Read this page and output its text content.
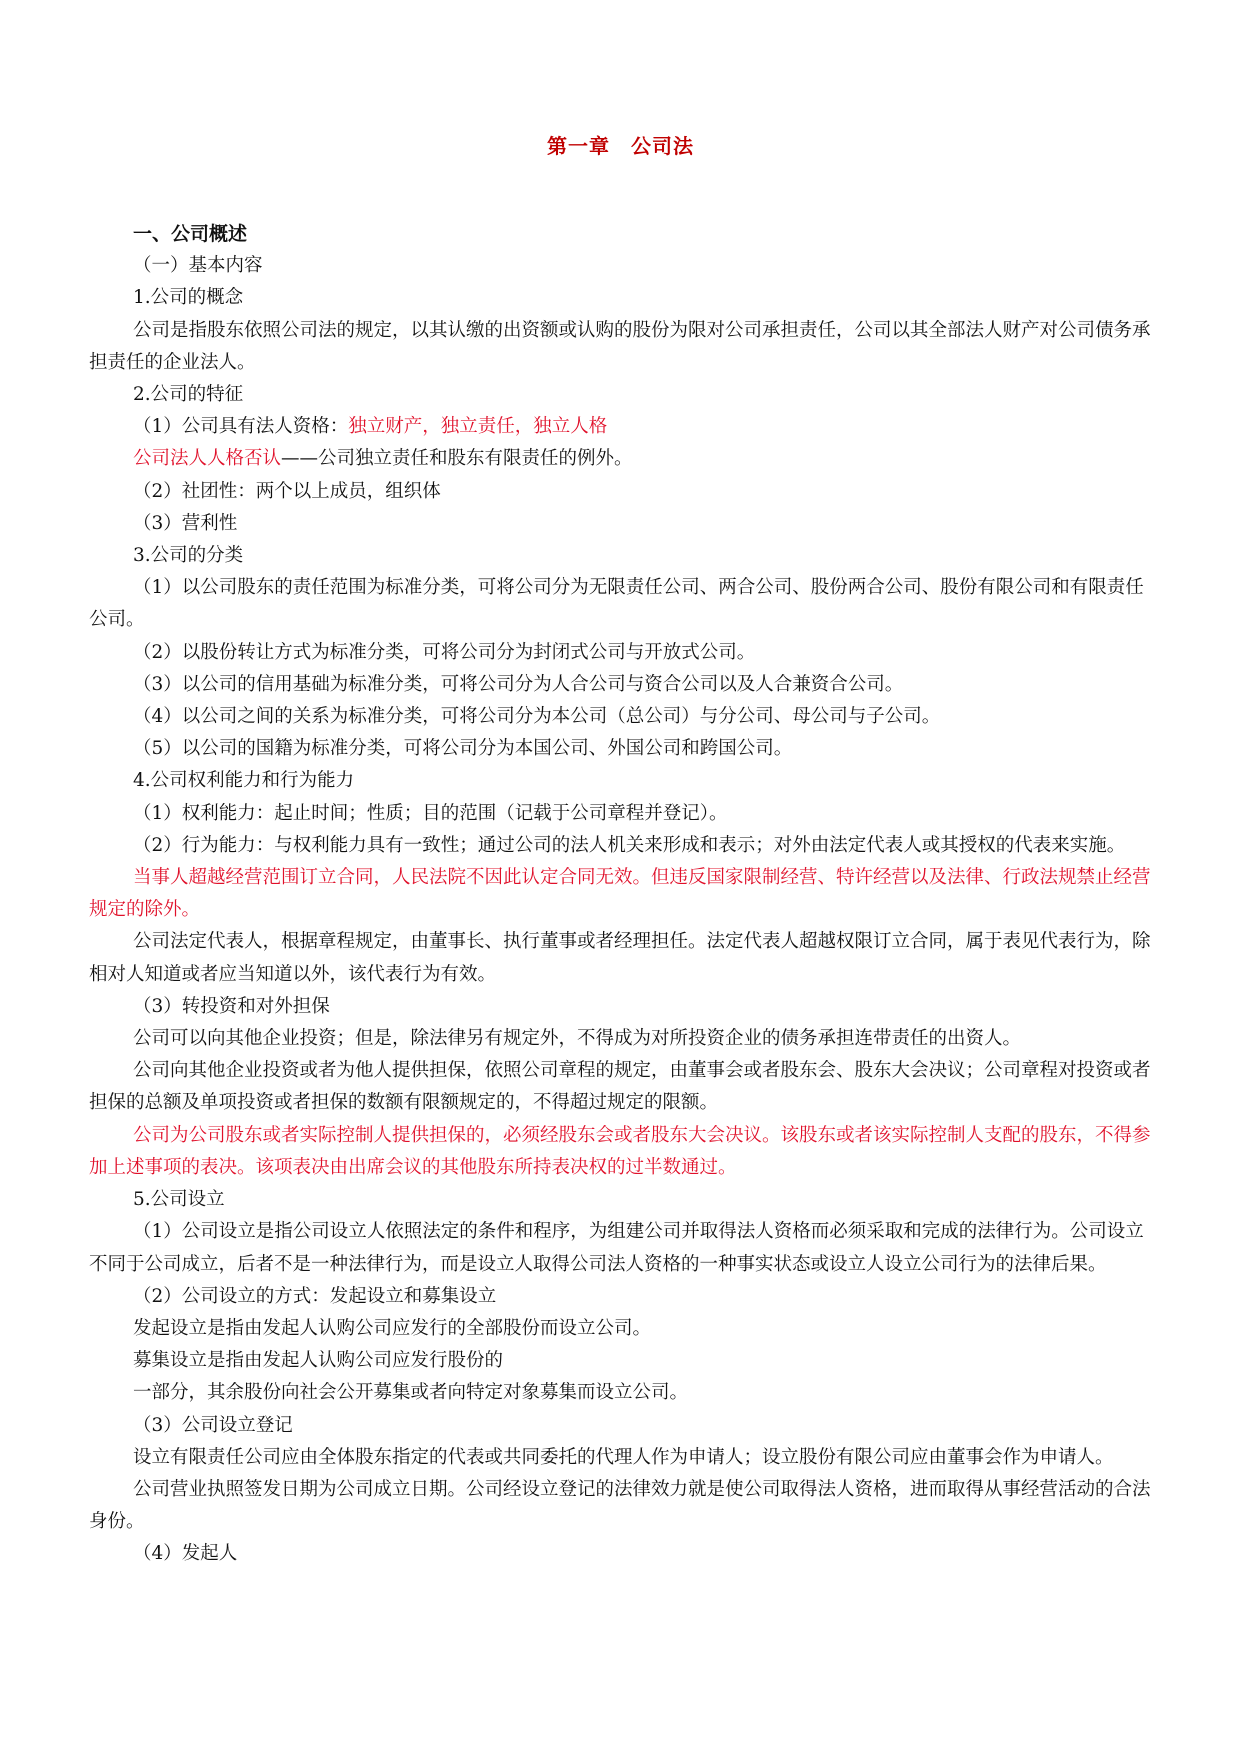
第一章　公司法

一、公司概述

（一）基本内容

1.公司的概念

公司是指股东依照公司法的规定，以其认缴的出资额或认购的股份为限对公司承担责任，公司以其全部法人财产对公司债务承担责任的企业法人。

2.公司的特征

（1）公司具有法人资格：独立财产，独立责任，独立人格

公司法人人格否认——公司独立责任和股东有限责任的例外。

（2）社团性：两个以上成员，组织体

（3）营利性

3.公司的分类

（1）以公司股东的责任范围为标准分类，可将公司分为无限责任公司、两合公司、股份两合公司、股份有限公司和有限责任公司。

（2）以股份转让方式为标准分类，可将公司分为封闭式公司与开放式公司。

（3）以公司的信用基础为标准分类，可将公司分为人合公司与资合公司以及人合兼资合公司。

（4）以公司之间的关系为标准分类，可将公司分为本公司（总公司）与分公司、母公司与子公司。

（5）以公司的国籍为标准分类，可将公司分为本国公司、外国公司和跨国公司。

4.公司权利能力和行为能力

（1）权利能力：起止时间；性质；目的范围（记载于公司章程并登记）。

（2）行为能力：与权利能力具有一致性；通过公司的法人机关来形成和表示；对外由法定代表人或其授权的代表来实施。

当事人超越经营范围订立合同，人民法院不因此认定合同无效。但违反国家限制经营、特许经营以及法律、行政法规禁止经营规定的除外。

公司法定代表人，根据章程规定，由董事长、执行董事或者经理担任。法定代表人超越权限订立合同，属于表见代表行为，除相对人知道或者应当知道以外，该代表行为有效。

（3）转投资和对外担保

公司可以向其他企业投资；但是，除法律另有规定外，不得成为对所投资企业的债务承担连带责任的出资人。

公司向其他企业投资或者为他人提供担保，依照公司章程的规定，由董事会或者股东会、股东大会决议；公司章程对投资或者担保的总额及单项投资或者担保的数额有限额规定的，不得超过规定的限额。

公司为公司股东或者实际控制人提供担保的，必须经股东会或者股东大会决议。该股东或者该实际控制人支配的股东，不得参加上述事项的表决。该项表决由出席会议的其他股东所持表决权的过半数通过。

5.公司设立

（1）公司设立是指公司设立人依照法定的条件和程序，为组建公司并取得法人资格而必须采取和完成的法律行为。公司设立不同于公司成立，后者不是一种法律行为，而是设立人取得公司法人资格的一种事实状态或设立人设立公司行为的法律后果。

（2）公司设立的方式：发起设立和募集设立

发起设立是指由发起人认购公司应发行的全部股份而设立公司。

募集设立是指由发起人认购公司应发行股份的

一部分，其余股份向社会公开募集或者向特定对象募集而设立公司。

（3）公司设立登记

设立有限责任公司应由全体股东指定的代表或共同委托的代理人作为申请人；设立股份有限公司应由董事会作为申请人。

公司营业执照签发日期为公司成立日期。公司经设立登记的法律效力就是使公司取得法人资格，进而取得从事经营活动的合法身份。

（4）发起人
